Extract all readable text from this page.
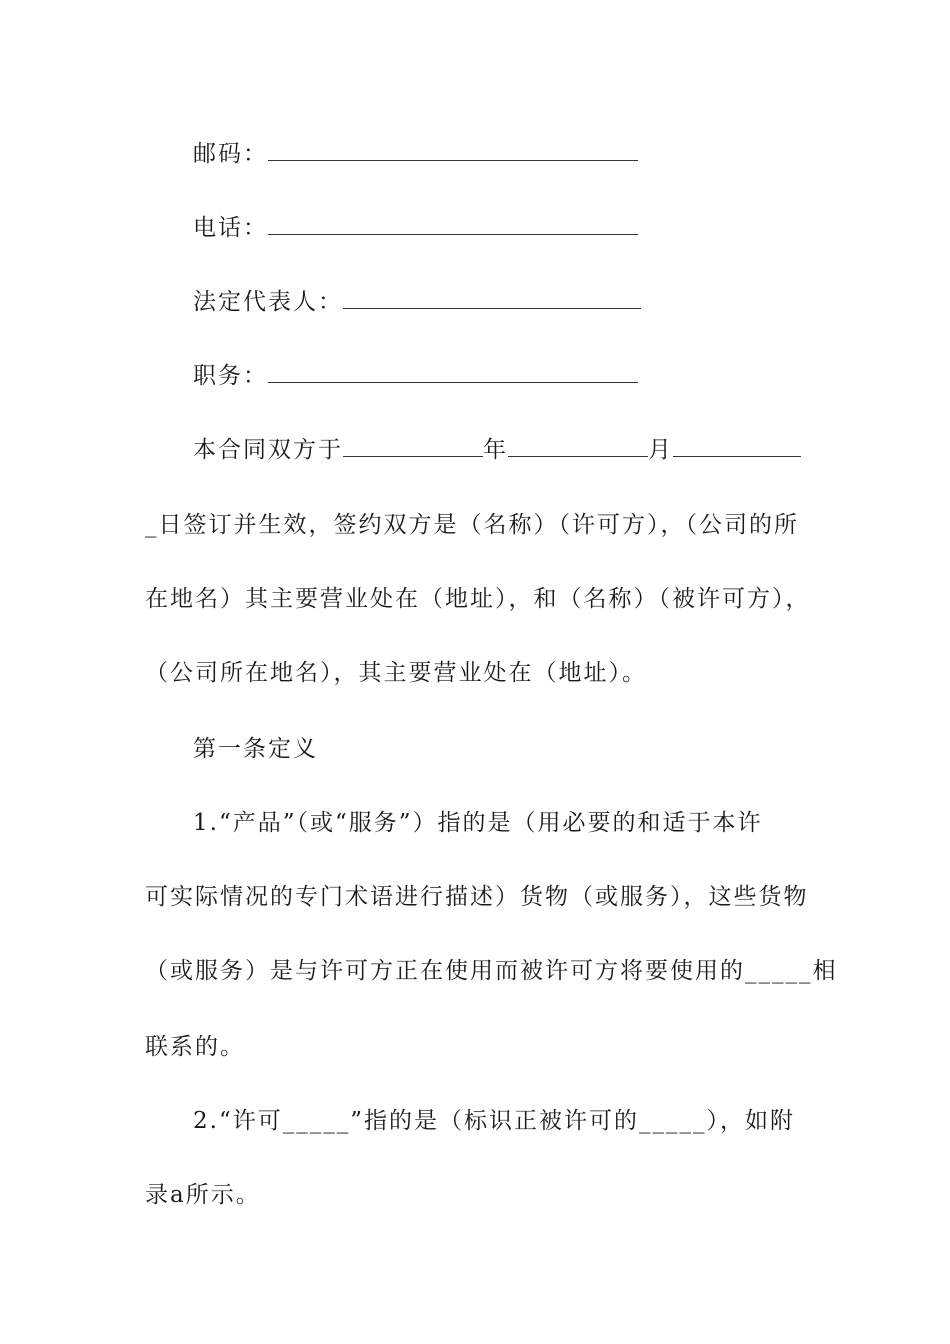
邮码：
电话：
法定代表人：
职务：
本合同双方于	年	月
_日签订并生效，签约双方是（名称）（许可方），（公司的所
在地名）其主要营业处在（地址），和（名称）（被许可方），
（公司所在地名），其主要营业处在（地址）。
第一条定义
1.“产品”（或“服务”）指的是（用必要的和适于本许
可实际情况的专门术语进行描述）货物（或服务），这些货物
（或服务）是与许可方正在使用而被许可方将要使用的_____相
联系的。
2.“许可_____”指的是（标识正被许可的_____），如附
录a所示。
